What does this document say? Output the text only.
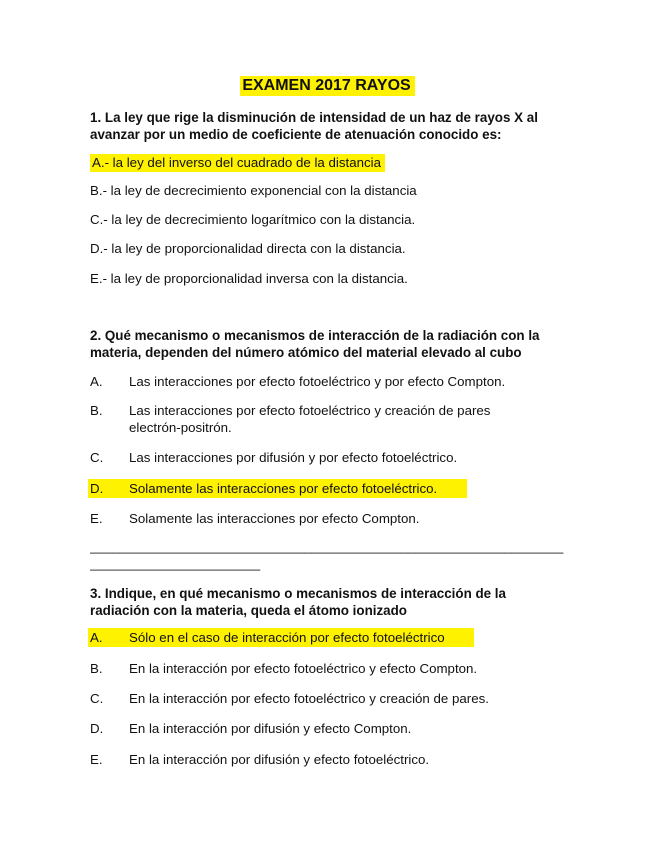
EXAMEN 2017 RAYOS
1. La ley que rige la disminución de intensidad de un haz de rayos X al avanzar por un medio de coeficiente de atenuación conocido es:
A.- la ley del inverso del cuadrado de la distancia
B.- la ley de decrecimiento exponencial con la distancia
C.- la ley de decrecimiento logarítmico con la distancia.
D.- la ley de proporcionalidad directa con la distancia.
E.- la ley de proporcionalidad inversa con la distancia.
2. Qué mecanismo o mecanismos de interacción de la radiación con la materia, dependen del número atómico del material elevado al cubo
A. Las interacciones por efecto fotoeléctrico y por efecto Compton.
B. Las interacciones por efecto fotoeléctrico y creación de pares electrón-positrón.
C. Las interacciones por difusión y por efecto fotoeléctrico.
D. Solamente las interacciones por efecto fotoeléctrico.
E. Solamente las interacciones por efecto Compton.
________________________________________________________________
_______________________
3. Indique, en qué mecanismo o mecanismos de interacción de la radiación con la materia, queda el átomo ionizado
A. Sólo en el caso de interacción por efecto fotoeléctrico
B. En la interacción por efecto fotoeléctrico y efecto Compton.
C. En la interacción por efecto fotoeléctrico y creación de pares.
D. En la interacción por difusión y efecto Compton.
E. En la interacción por difusión y efecto fotoeléctrico.
